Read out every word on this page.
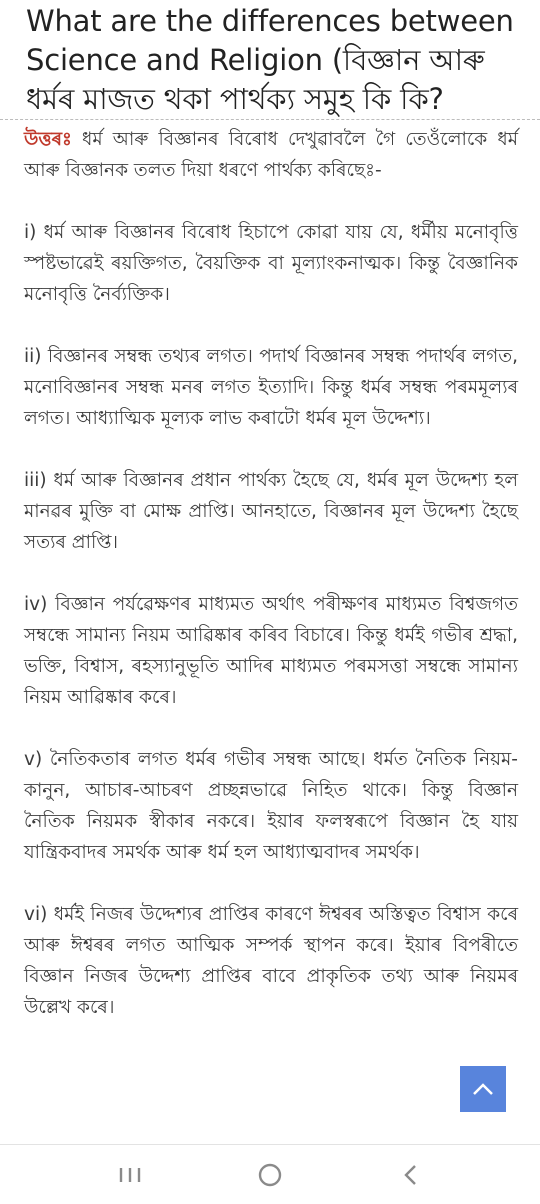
What are the differences between Science and Religion (বিজ্ঞান আৰু ধৰ্মৰ মাজত থকা পাৰ্থক্য সমুহ কি কি?

উত্তৰঃ ধৰ্ম আৰু বিজ্ঞানৰ বিৰোধ দেখুৱাবলৈ গৈ তেওঁলোকে ধৰ্ম আৰু বিজ্ঞানক তলত দিয়া ধৰণে পাৰ্থক্য কৰিছেঃ-

i) ধৰ্ম আৰু বিজ্ঞানৰ বিৰোধ হিচাপে কোৱা যায় যে, ধৰ্মীয় মনোবৃত্তি স্পষ্টভাৱেই ৰয়ক্তিগত, বৈয়ক্তিক বা মূল্যাংকনাত্মক। কিন্তু বৈজ্ঞানিক মনোবৃত্তি নৈৰ্ব্যক্তিক।

ii) বিজ্ঞানৰ সম্বন্ধ তথ্যৰ লগত। পদাৰ্থ বিজ্ঞানৰ সম্বন্ধ পদাৰ্থৰ লগত, মনোবিজ্ঞানৰ সম্বন্ধ মনৰ লগত ইত্যাদি। কিন্তু ধৰ্মৰ সম্বন্ধ পৰমমূল্যৰ লগত। আধ্যাত্মিক মূল্যক লাভ কৰাটো ধৰ্মৰ মূল উদ্দেশ্য।

iii) ধৰ্ম আৰু বিজ্ঞানৰ প্ৰধান পাৰ্থক্য হৈছে যে, ধৰ্মৰ মূল উদ্দেশ্য হল মানৱৰ মুক্তি বা মোক্ষ প্ৰাপ্তি। আনহাতে, বিজ্ঞানৰ মূল উদ্দেশ্য হৈছে সত্যৰ প্ৰাপ্তি।

iv) বিজ্ঞান পৰ্যৱেক্ষণৰ মাধ্যমত অৰ্থাৎ পৰীক্ষণৰ মাধ্যমত বিশ্বজগত সম্বন্ধে সামান্য নিয়ম আৱিষ্কাৰ কৰিব বিচাৰে। কিন্তু ধৰ্মই গভীৰ শ্ৰদ্ধা, ভক্তি, বিশ্বাস, ৰহস্যানুভূতি আদিৰ মাধ্যমত পৰমসত্তা সম্বন্ধে সামান্য নিয়ম আৱিষ্কাৰ কৰে।

v) নৈতিকতাৰ লগত ধৰ্মৰ গভীৰ সম্বন্ধ আছে। ধৰ্মত নৈতিক নিয়ম-কানুন, আচাৰ-আচৰণ প্ৰচ্ছন্নভাৱে নিহিত থাকে। কিন্তু বিজ্ঞান নৈতিক নিয়মক স্বীকাৰ নকৰে। ইয়াৰ ফলস্বৰূপে বিজ্ঞান হৈ যায় যান্ত্ৰিকবাদৰ সমৰ্থক আৰু ধৰ্ম হল আধ্যাত্মবাদৰ সমৰ্থক।

vi) ধৰ্মই নিজৰ উদ্দেশ্যৰ প্ৰাপ্তিৰ কাৰণে ঈশ্বৰৰ অস্তিত্বত বিশ্বাস কৰে আৰু ঈশ্বৰৰ লগত আত্মিক সম্পৰ্ক স্থাপন কৰে। ইয়াৰ বিপৰীতে বিজ্ঞান নিজৰ উদ্দেশ্য প্ৰাপ্তিৰ বাবে প্ৰাকৃতিক তথ্য আৰু নিয়মৰ উল্লেখ কৰে।
